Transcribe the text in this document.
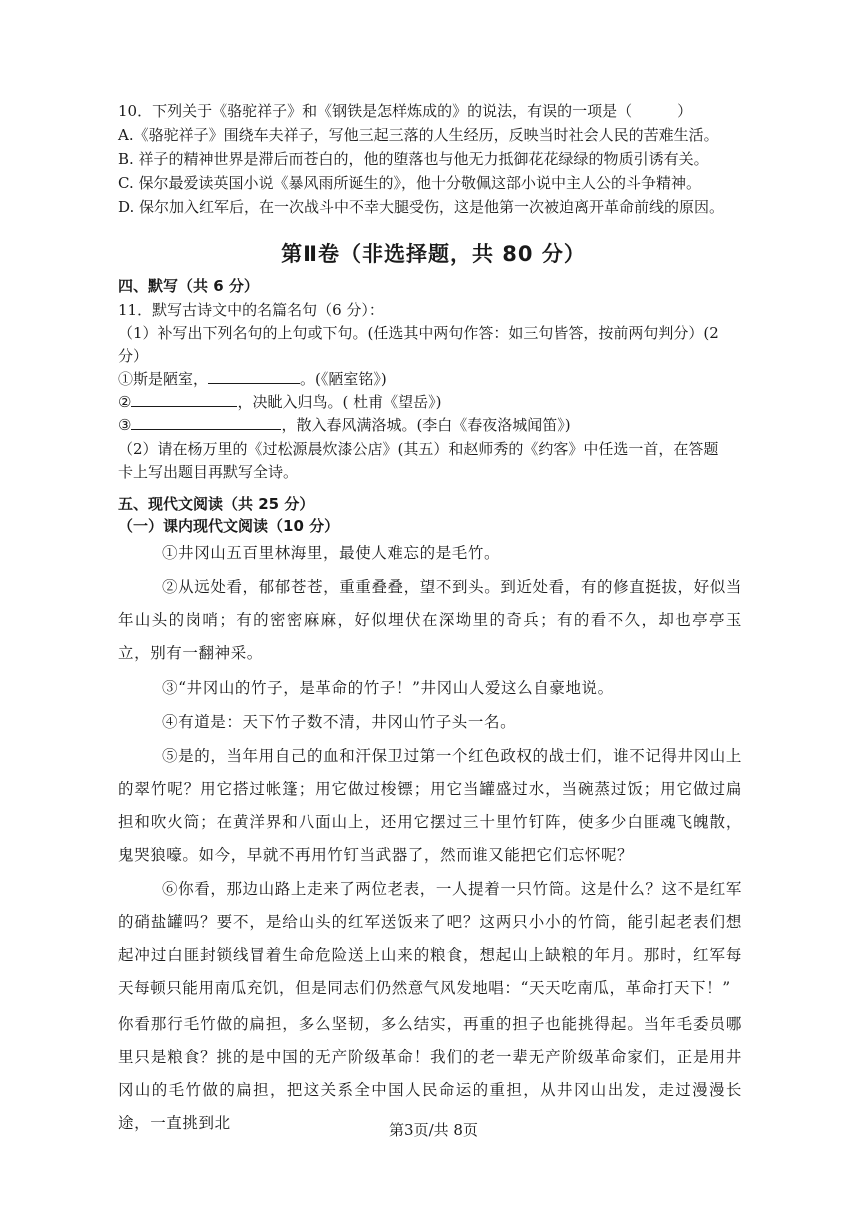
10．下列关于《骆驼祥子》和《钢铁是怎样炼成的》的说法，有误的一项是（　　　）
A.《骆驼祥子》围绕车夫祥子，写他三起三落的人生经历，反映当时社会人民的苦难生活。
B. 祥子的精神世界是滞后而苍白的，他的堕落也与他无力抵御花花绿绿的物质引诱有关。
C. 保尔最爱读英国小说《暴风雨所诞生的》，他十分敬佩这部小说中主人公的斗争精神。
D. 保尔加入红军后，在一次战斗中不幸大腿受伤，这是他第一次被迫离开革命前线的原因。
第Ⅱ卷（非选择题，共 80 分）
四、默写（共 6 分）
11．默写古诗文中的名篇名句（6 分）：
（1）补写出下列名句的上句或下句。(任选其中两句作答：如三句皆答，按前两句判分）(2
分）
①斯是陋室，	。(《陋室铭》)
②	，决眦入归鸟。( 杜甫《望岳》)
③	，散入春风满洛城。(李白《春夜洛城闻笛》)
（2）请在杨万里的《过松源晨炊漆公店》(其五）和赵师秀的《约客》中任选一首，在答题
卡上写出题目再默写全诗。
五、现代文阅读（共 25 分）
（一）课内现代文阅读（10 分）
①井冈山五百里林海里，最使人难忘的是毛竹。
②从远处看，郁郁苍苍，重重叠叠，望不到头。到近处看，有的修直挺拔，好似当年山头的岗哨；有的密密麻麻，好似埋伏在深坳里的奇兵；有的看不久，却也亭亭玉立，别有一翻神采。
③“井冈山的竹子，是革命的竹子！”井冈山人爱这么自豪地说。
④有道是：天下竹子数不清，井冈山竹子头一名。
⑤是的，当年用自己的血和汗保卫过第一个红色政权的战士们，谁不记得井冈山上的翠竹呢？用它搭过帐篷；用它做过梭镖；用它当罐盛过水，当碗蒸过饭；用它做过扁担和吹火筒；在黄洋界和八面山上，还用它摆过三十里竹钉阵，使多少白匪魂飞魄散，鬼哭狼嚎。如今，早就不再用竹钉当武器了，然而谁又能把它们忘怀呢？
⑥你看，那边山路上走来了两位老表，一人提着一只竹筒。这是什么？这不是红军的硝盐罐吗？要不，是给山头的红军送饭来了吧？这两只小小的竹筒，能引起老表们想起冲过白匪封锁线冒着生命危险送上山来的粮食，想起山上缺粮的年月。那时，红军每天每顿只能用南瓜充饥，但是同志们仍然意气风发地唱：“天天吃南瓜，革命打天下！”
你看那行毛竹做的扁担，多么坚韧，多么结实，再重的担子也能挑得起。当年毛委员哪里只是粮食？挑的是中国的无产阶级革命！我们的老一辈无产阶级革命家们，正是用井冈山的毛竹做的扁担，把这关系全中国人民命运的重担，从井冈山出发，走过漫漫长途，一直挑到北	第3页/共 8页
